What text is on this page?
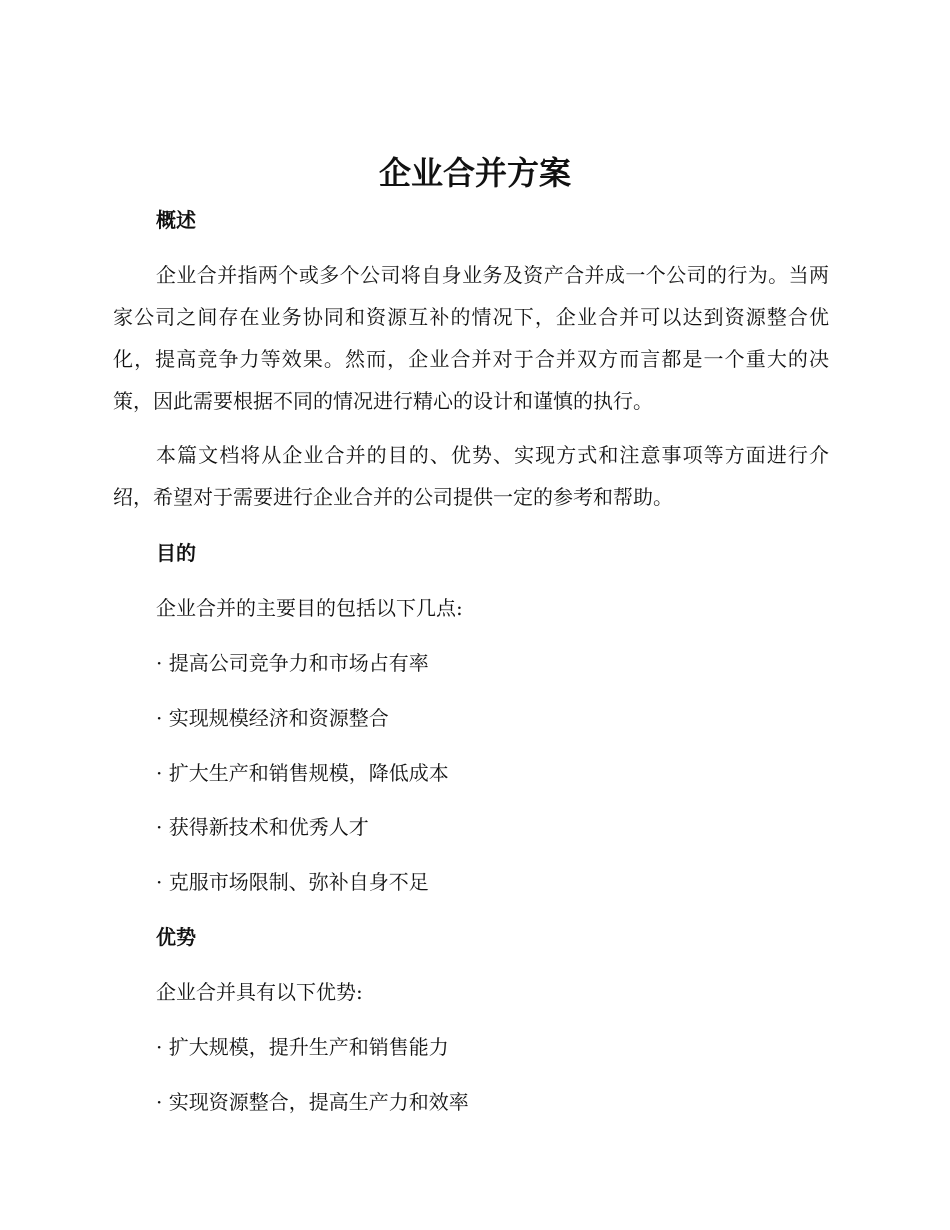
企业合并方案
概述

企业合并指两个或多个公司将自身业务及资产合并成一个公司的行为。当两家公司之间存在业务协同和资源互补的情况下，企业合并可以达到资源整合优化，提高竞争力等效果。然而，企业合并对于合并双方而言都是一个重大的决策，因此需要根据不同的情况进行精心的设计和谨慎的执行。

本篇文档将从企业合并的目的、优势、实现方式和注意事项等方面进行介绍，希望对于需要进行企业合并的公司提供一定的参考和帮助。

目的

企业合并的主要目的包括以下几点:

· 提高公司竞争力和市场占有率

· 实现规模经济和资源整合

· 扩大生产和销售规模，降低成本

· 获得新技术和优秀人才

· 克服市场限制、弥补自身不足

优势

企业合并具有以下优势:

· 扩大规模，提升生产和销售能力

· 实现资源整合，提高生产力和效率
